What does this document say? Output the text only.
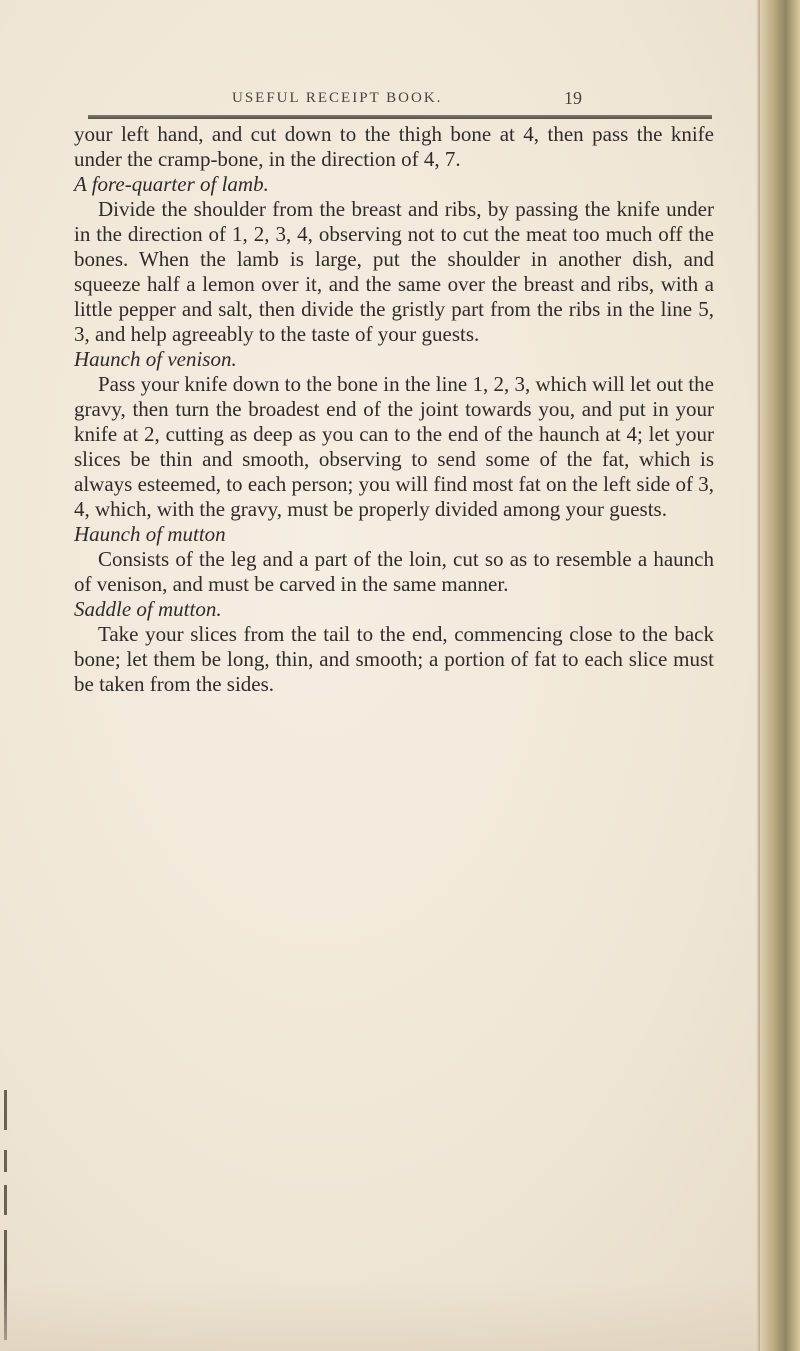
USEFUL RECEIPT BOOK.	19

your left hand, and cut down to the thigh bone at 4, then pass the knife under the cramp-bone, in the direction of 4, 7.

A fore-quarter of lamb.

Divide the shoulder from the breast and ribs, by passing the knife under in the direction of 1, 2, 3, 4, observing not to cut the meat too much off the bones. When the lamb is large, put the shoulder in another dish, and squeeze half a lemon over it, and the same over the breast and ribs, with a little pepper and salt, then divide the gristly part from the ribs in the line 5, 3, and help agreeably to the taste of your guests.

Haunch of venison.

Pass your knife down to the bone in the line 1, 2, 3, which will let out the gravy, then turn the broadest end of the joint towards you, and put in your knife at 2, cutting as deep as you can to the end of the haunch at 4; let your slices be thin and smooth, observing to send some of the fat, which is always esteemed, to each person; you will find most fat on the left side of 3, 4, which, with the gravy, must be properly divided among your guests.

Haunch of mutton

Consists of the leg and a part of the loin, cut so as to resemble a haunch of venison, and must be carved in the same manner.

Saddle of mutton.

Take your slices from the tail to the end, commencing close to the back bone; let them be long, thin, and smooth; a portion of fat to each slice must be taken from the sides.
